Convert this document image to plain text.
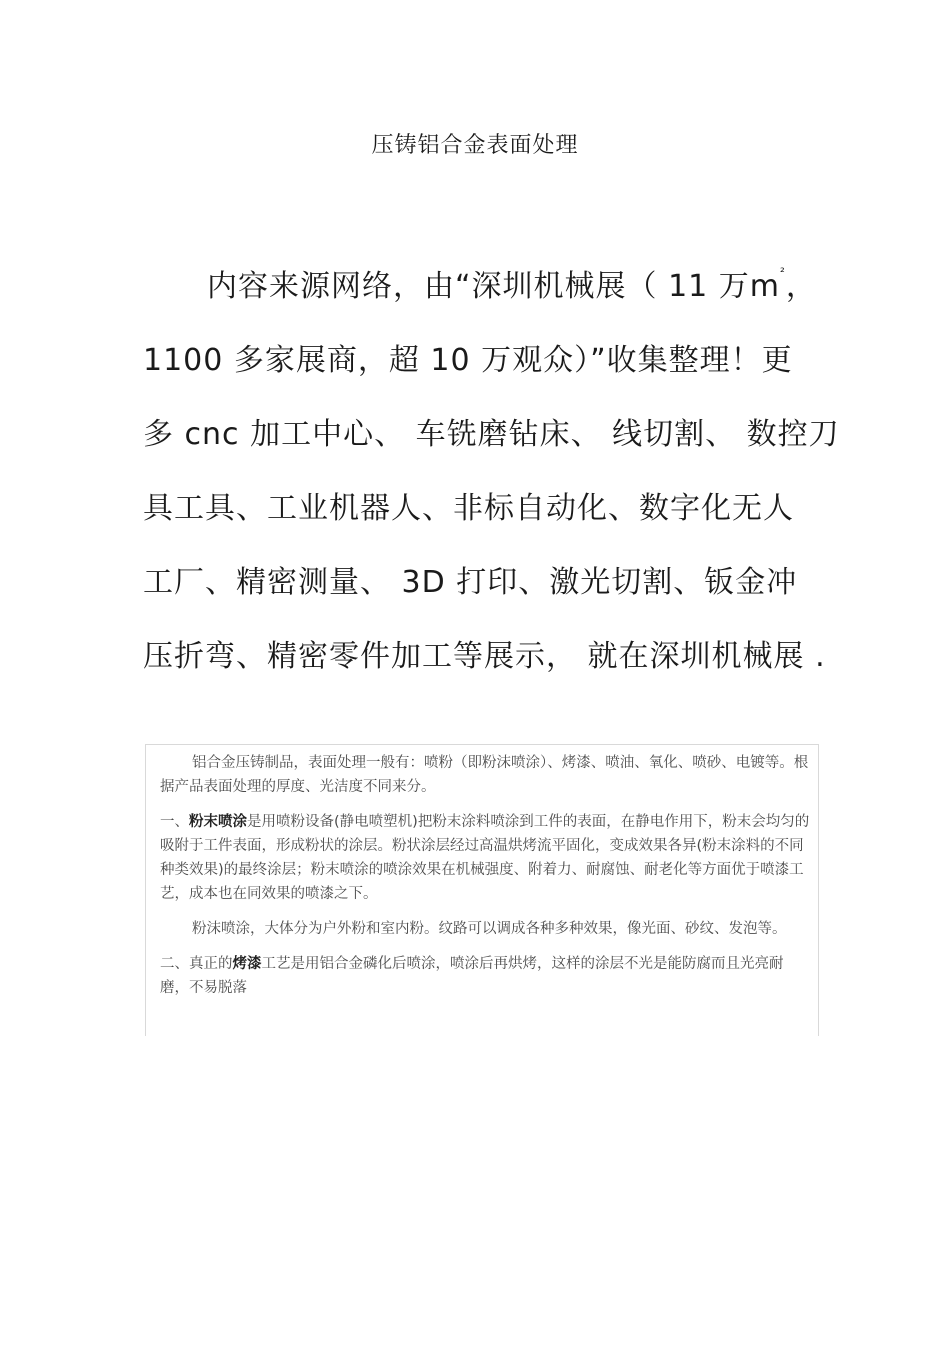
压铸铝合金表面处理
内容来源网络，由“深圳机械展（ 11 万$m^{^2}$，
1100 多家展商，超 10 万观众）”收集整理！更
多 cnc 加工中心、 车铣磨钻床、 线切割、 数控刀
具工具、工业机器人、非标自动化、数字化无人
工厂、精密测量、 3D 打印、激光切割、钣金冲
压折弯、精密零件加工等展示， 就在深圳机械展 .

铝合金压铸制品，表面处理一般有：喷粉（即粉沫喷涂）、烤漆、喷油、氧化、喷砂、电镀等。根据产品表面处理的厚度、光洁度不同来分。

一、粉末喷涂是用喷粉设备(静电喷塑机)把粉末涂料喷涂到工件的表面，在静电作用下，粉末会均匀的吸附于工件表面，形成粉状的涂层。粉状涂层经过高温烘烤流平固化，变成效果各异(粉末涂料的不同种类效果)的最终涂层；粉末喷涂的喷涂效果在机械强度、附着力、耐腐蚀、耐老化等方面优于喷漆工艺，成本也在同效果的喷漆之下。

粉沫喷涂，大体分为户外粉和室内粉。纹路可以调成各种多种效果，像光面、砂纹、发泡等。

二、真正的烤漆工艺是用铝合金磷化后喷涂，喷涂后再烘烤，这样的涂层不光是能防腐而且光亮耐磨，不易脱落
